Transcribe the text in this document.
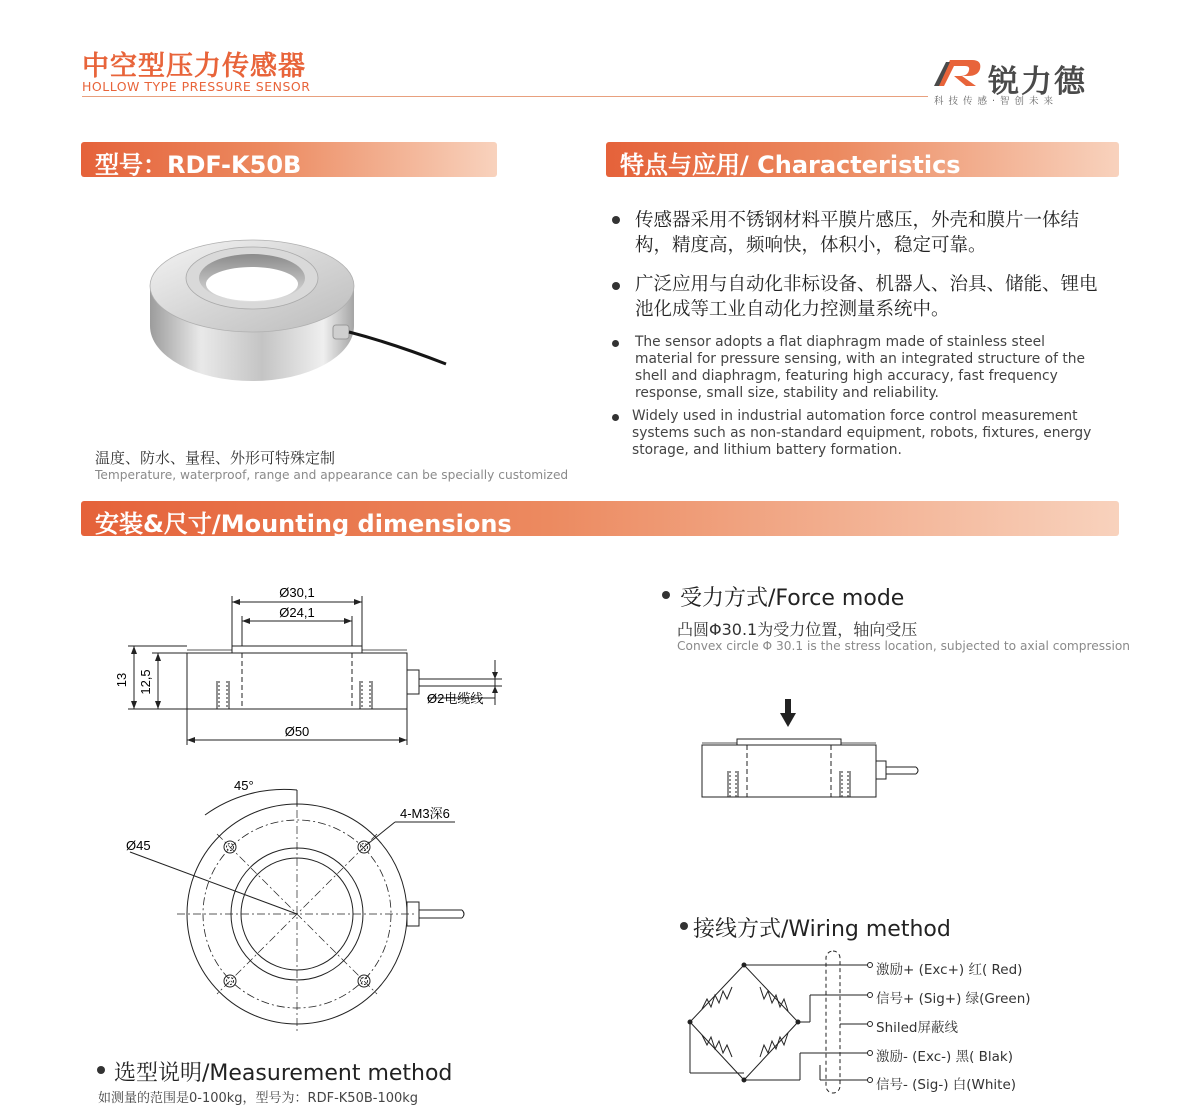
中空型压力传感器
HOLLOW TYPE PRESSURE SENSOR	锐力德
科技传感·智创未来
型号：RDF-K50B	特点与应用/ Characteristics
温度、防水、量程、外形可特殊定制
Temperature, waterproof, range and appearance can be specially customized
传感器采用不锈钢材料平膜片感压，外壳和膜片一体结构，精度高，频响快，体积小，稳定可靠。
广泛应用与自动化非标设备、机器人、治具、储能、锂电池化成等工业自动化力控测量系统中。
The sensor adopts a flat diaphragm made of stainless steel material for pressure sensing, with an integrated structure of the shell and diaphragm, featuring high accuracy, fast frequency response, small size, stability and reliability.
Widely used in industrial automation force control measurement systems such as non-standard equipment, robots, fixtures, energy storage, and lithium battery formation.
安装&尺寸/Mounting dimensions
Ø30,1
Ø24,1
13 12,5
Ø50
Ø2电缆线
45°
4-M3深6
Ø45
受力方式/Force mode
凸圆Φ30.1为受力位置，轴向受压
Convex circle Φ 30.1 is the stress location, subjected to axial compression
接线方式/Wiring method
激励+ (Exc+) 红( Red)
信号+ (Sig+) 绿(Green)
Shiled屏蔽线
激励- (Exc-) 黑( Blak)
信号- (Sig-) 白(White)
选型说明/Measurement method
如测量的范围是0-100kg，型号为：RDF-K50B-100kg
